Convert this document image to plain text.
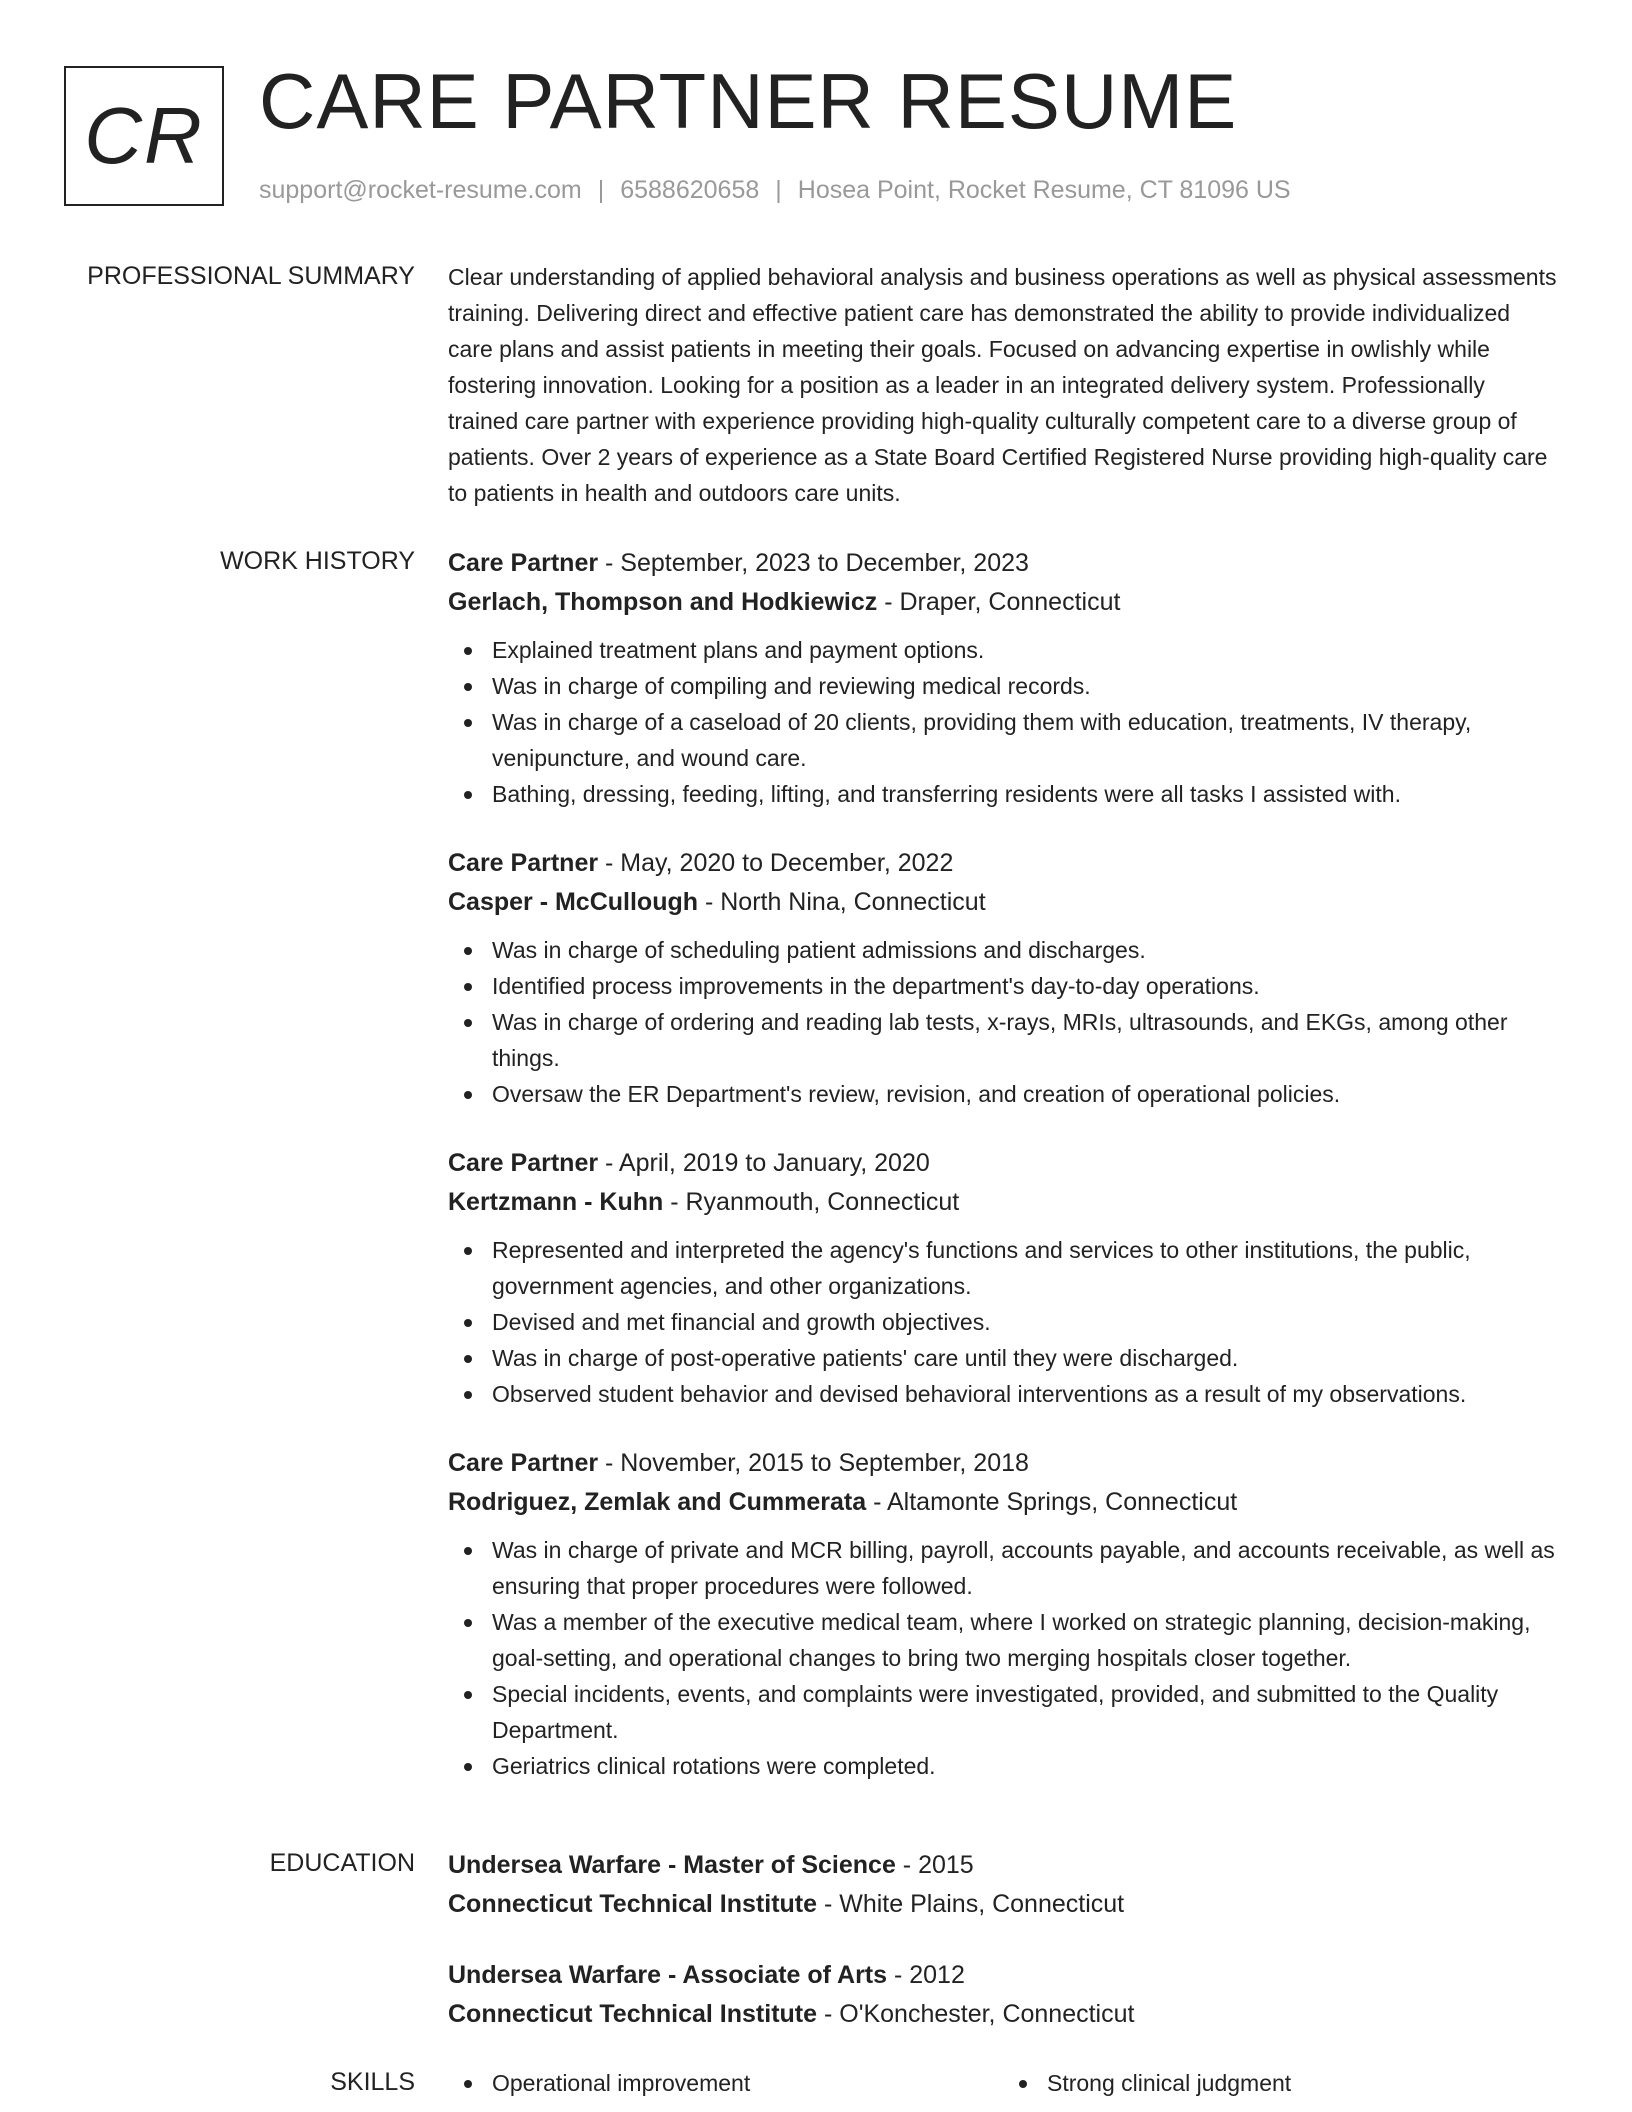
CR CARE PARTNER RESUME
support@rocket-resume.com | 6588620658 | Hosea Point, Rocket Resume, CT 81096 US
PROFESSIONAL SUMMARY Clear understanding of applied behavioral analysis and business operations as well as physical assessments training. Delivering direct and effective patient care has demonstrated the ability to provide individualized care plans and assist patients in meeting their goals. Focused on advancing expertise in owlishly while fostering innovation. Looking for a position as a leader in an integrated delivery system. Professionally trained care partner with experience providing high-quality culturally competent care to a diverse group of patients. Over 2 years of experience as a State Board Certified Registered Nurse providing high-quality care to patients in health and outdoors care units.
WORK HISTORY Care Partner - September, 2023 to December, 2023
Gerlach, Thompson and Hodkiewicz - Draper, Connecticut
Explained treatment plans and payment options.
Was in charge of compiling and reviewing medical records.
Was in charge of a caseload of 20 clients, providing them with education, treatments, IV therapy, venipuncture, and wound care.
Bathing, dressing, feeding, lifting, and transferring residents were all tasks I assisted with.
Care Partner - May, 2020 to December, 2022
Casper - McCullough - North Nina, Connecticut
Was in charge of scheduling patient admissions and discharges.
Identified process improvements in the department's day-to-day operations.
Was in charge of ordering and reading lab tests, x-rays, MRIs, ultrasounds, and EKGs, among other things.
Oversaw the ER Department's review, revision, and creation of operational policies.
Care Partner - April, 2019 to January, 2020
Kertzmann - Kuhn - Ryanmouth, Connecticut
Represented and interpreted the agency's functions and services to other institutions, the public, government agencies, and other organizations.
Devised and met financial and growth objectives.
Was in charge of post-operative patients' care until they were discharged.
Observed student behavior and devised behavioral interventions as a result of my observations.
Care Partner - November, 2015 to September, 2018
Rodriguez, Zemlak and Cummerata - Altamonte Springs, Connecticut
Was in charge of private and MCR billing, payroll, accounts payable, and accounts receivable, as well as ensuring that proper procedures were followed.
Was a member of the executive medical team, where I worked on strategic planning, decision-making, goal-setting, and operational changes to bring two merging hospitals closer together.
Special incidents, events, and complaints were investigated, provided, and submitted to the Quality Department.
Geriatrics clinical rotations were completed.
EDUCATION Undersea Warfare - Master of Science - 2015
Connecticut Technical Institute - White Plains, Connecticut
Undersea Warfare - Associate of Arts - 2012
Connecticut Technical Institute - O'Konchester, Connecticut
SKILLS	Operational improvement	Strong clinical judgment
